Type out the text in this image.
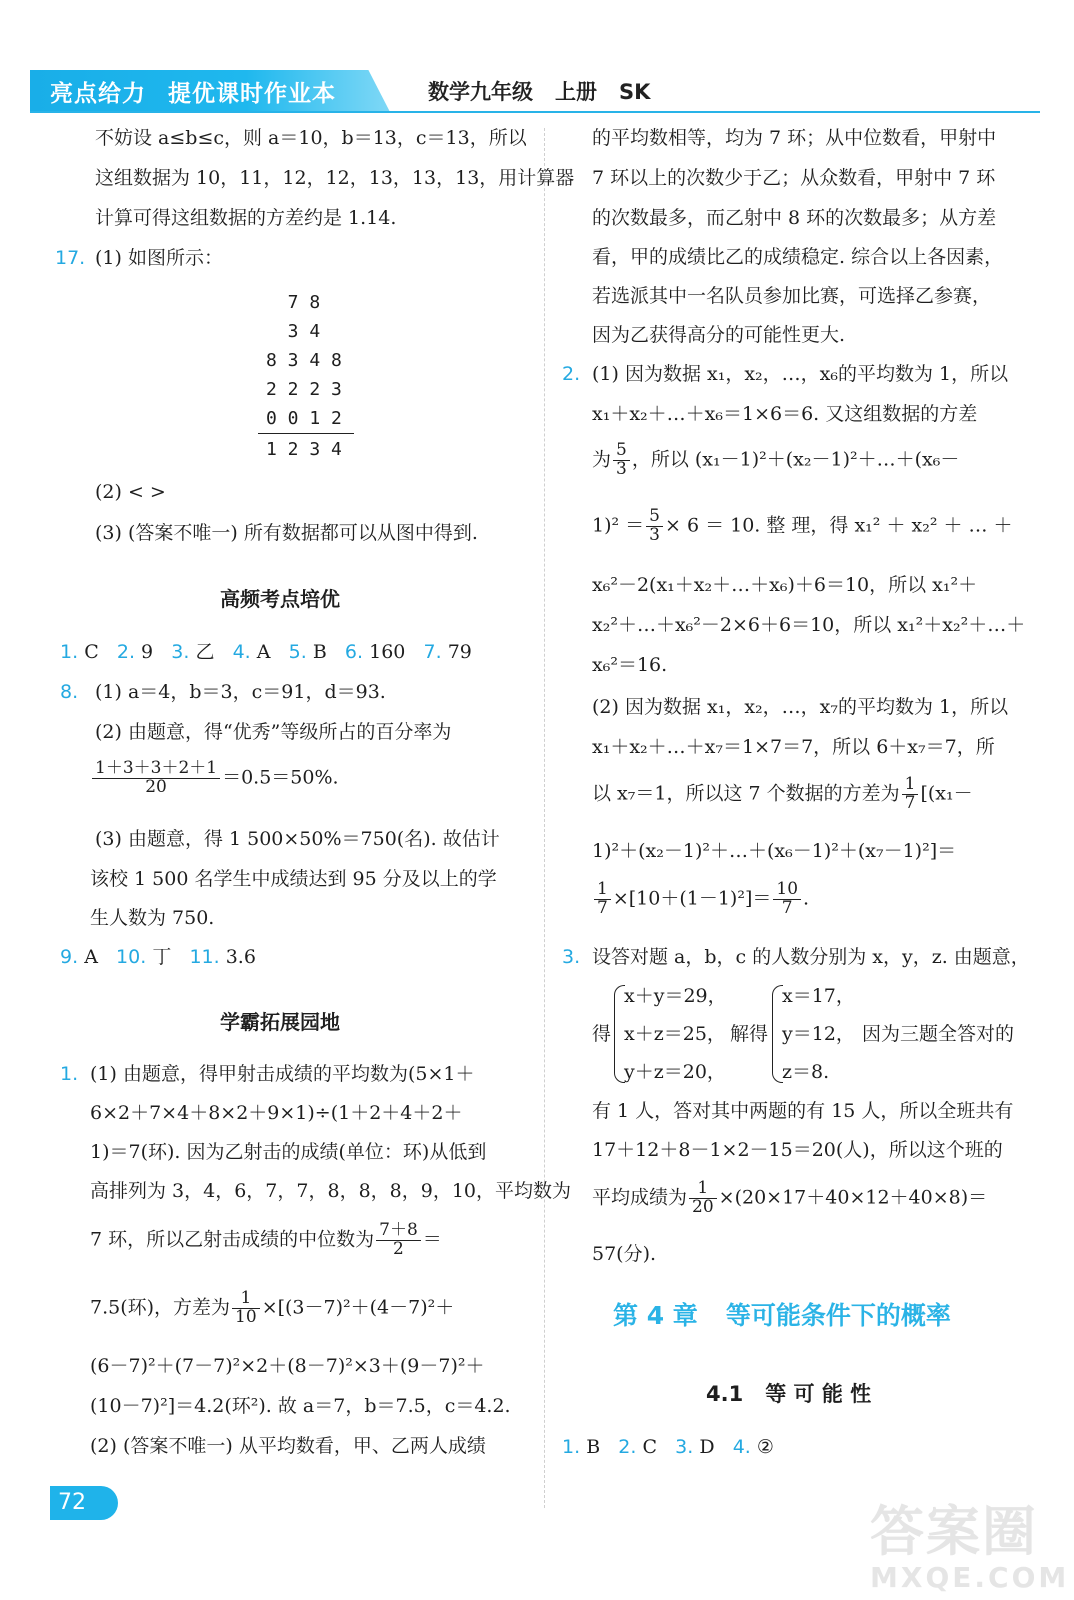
亮点给力 提优课时作业本	数学九年级 上册 SK
不妨设 a≤b≤c，则 a＝10，b＝13，c＝13，所以
这组数据为 10，11，12，12，13，13，13，用计算器
计算可得这组数据的方差约是 1.14.
17. (1) 如图所示：
7 8
3 4
8 3 4 8
2 2 2 3
0 0 1 2
1 2 3 4
(2) < >
(3) (答案不唯一) 所有数据都可以从图中得到.
高频考点培优
1. C 2. 9 3. 乙 4. A 5. B 6. 160 7. 79
8. (1) a＝4，b＝3，c＝91，d＝93.
(2) 由题意，得“优秀”等级所占的百分率为
$\frac{1+3+3+2+1}{20} =0.5=50\%$.
(3) 由题意，得 1 500×50%＝750(名). 故估计
该校 1 500 名学生中成绩达到 95 分及以上的学
生人数为 750.
9. A 10. 丁 11. 3.6
学霸拓展园地
1. (1) 由题意，得甲射击成绩的平均数为(5×1＋
6×2＋7×4＋8×2＋9×1)÷(1＋2＋4＋2＋
1)＝7(环). 因为乙射击的成绩(单位：环)从低到
高排列为 3，4，6，7，7，8，8，8，9，10，平均数为
7 环，所以乙射击成绩的中位数为 $\frac{7+8}{2}$ ＝
7.5(环)，方差为 $\frac{1}{10} \times[(3-7)^2+(4-7)^2+$
(6－7)²＋(7－7)²×2＋(8－7)²×3＋(9－7)²＋
(10－7)²]＝4.2(环²). 故 a＝7，b＝7.5，c＝4.2.
(2) (答案不唯一) 从平均数看，甲、乙两人成绩
的平均数相等，均为 7 环；从中位数看，甲射中
7 环以上的次数少于乙；从众数看，甲射中 7 环
的次数最多，而乙射中 8 环的次数最多；从方差
看，甲的成绩比乙的成绩稳定. 综合以上各因素，
若选派其中一名队员参加比赛，可选择乙参赛，
因为乙获得高分的可能性更大.
2. (1) 因为数据 x₁，x₂，…，x₆的平均数为 1，所以
x₁＋x₂＋…＋x₆＝1×6＝6. 又这组数据的方差
为 $\frac{5}{3}$ ，所以 (x₁－1)²＋(x₂－1)²＋…＋(x₆－
$1)^2 = \frac{5}{3} \times 6 = 10$. 整 理，得 x₁² ＋ x₂² ＋ … ＋
x₆²－2(x₁＋x₂＋…＋x₆)＋6＝10，所以 x₁²＋
x₂²＋…＋x₆²－2×6＋6＝10，所以 x₁²＋x₂²＋…＋
x₆²＝16.
(2) 因为数据 x₁，x₂，…，x₇的平均数为 1，所以
x₁＋x₂＋…＋x₇＝1×7＝7，所以 6＋x₇＝7，所
以 x₇＝1，所以这 7 个数据的方差为 $\frac{1}{7} [(x_1-$
1)²＋(x₂－1)²＋…＋(x₆－1)²＋(x₇－1)²]＝
$\frac{1}{7} \times[10+(1-1)^2]= \frac{10}{7}$ .
3. 设答对题 a，b，c 的人数分别为 x，y，z. 由题意，
得
x＋y＝29，
x＋z＝25，
y＋z＝20，
解得
x＝17，
y＝12，
z＝8.
因为三题全答对的
有 1 人，答对其中两题的有 15 人，所以全班共有
17＋12＋8－1×2－15＝20(人)，所以这个班的
平均成绩为 $\frac{1}{20} \times(20\times 17+40\times 12+40\times 8)=$
57(分).
第 4 章 等可能条件下的概率
4.1 等 可 能 性
1. B 2. C 3. D 4. ②
72	答案圈
MXQE.COM
